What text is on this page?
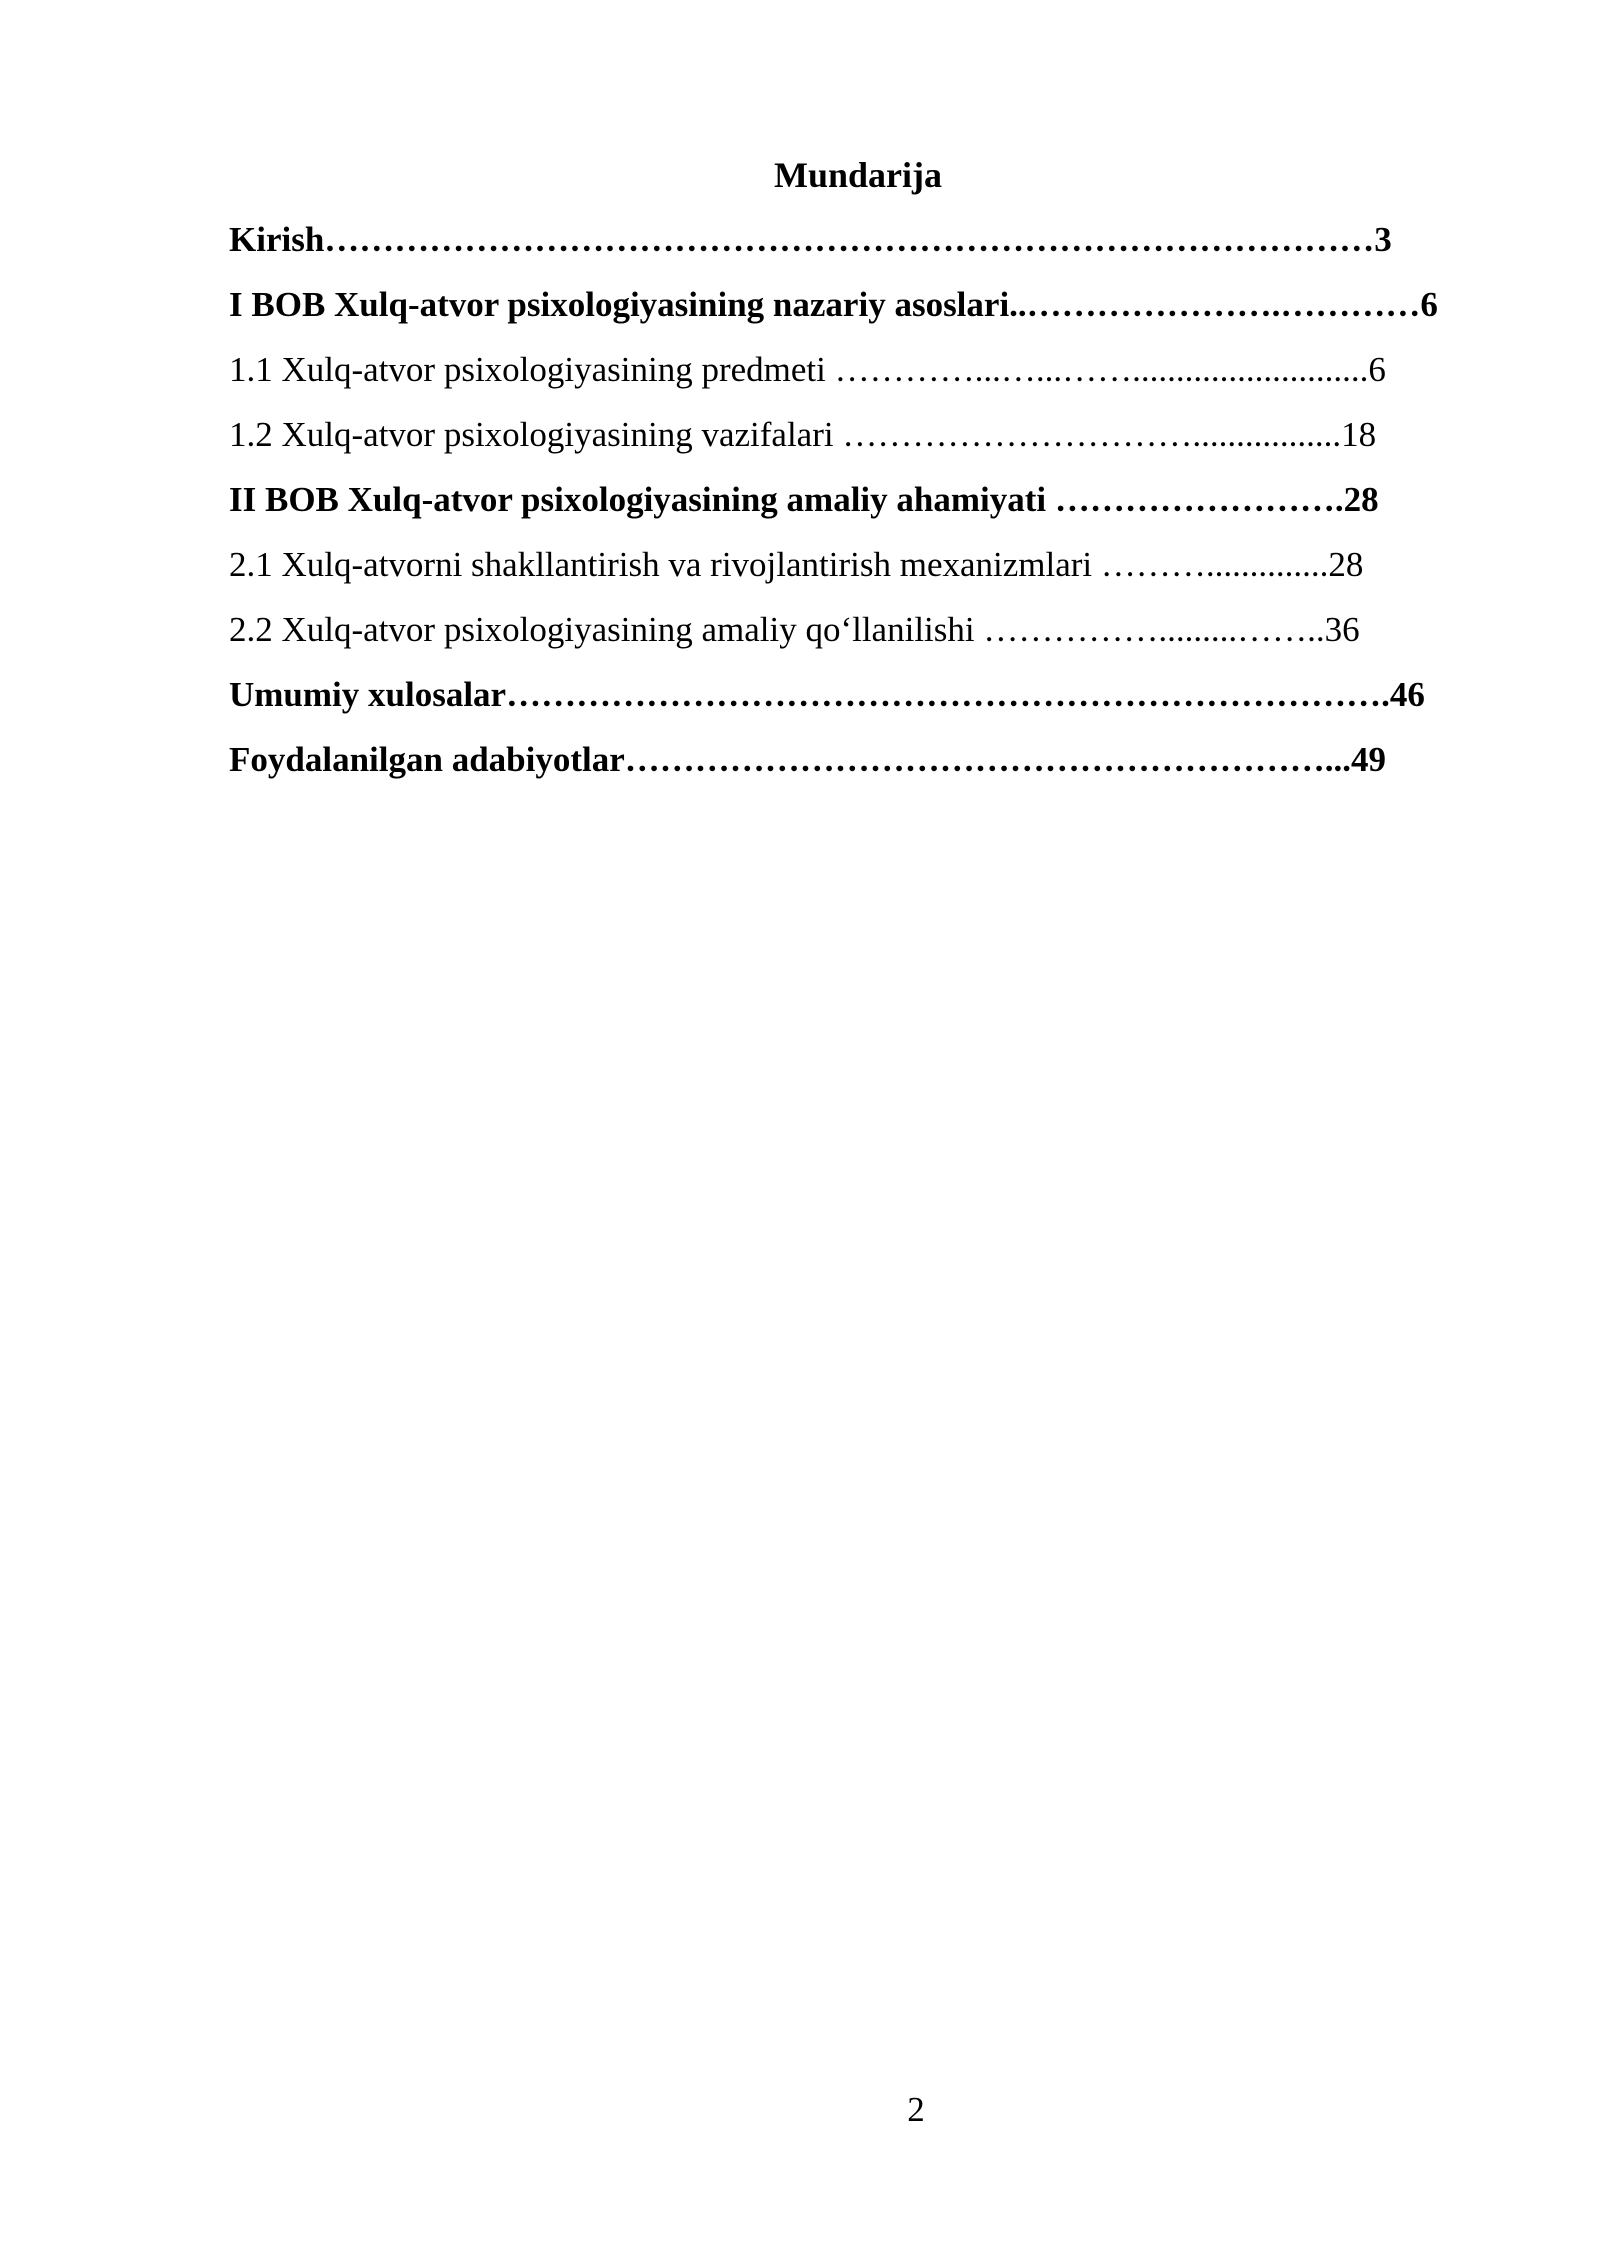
Mundarija
Kirish………………………………………………………………………………3
I BOB Xulq-atvor psixologiyasining nazariy asoslari..………………….…………6
1.1 Xulq-atvor psixologiyasining predmeti …………...…...……...........................6
1.2 Xulq-atvor psixologiyasining vazifalari ………………………….................18
II BOB Xulq-atvor psixologiyasining amaliy ahamiyati …………………….28
2.1 Xulq-atvorni shakllantirish va rivojlantirish mexanizmlari ………..............28
2.2 Xulq-atvor psixologiyasining amaliy qo‘llanilishi …………….........……..36
Umumiy xulosalar………………………………………………………………….46
Foydalanilgan adabiyotlar……………………………………………………...49
2
